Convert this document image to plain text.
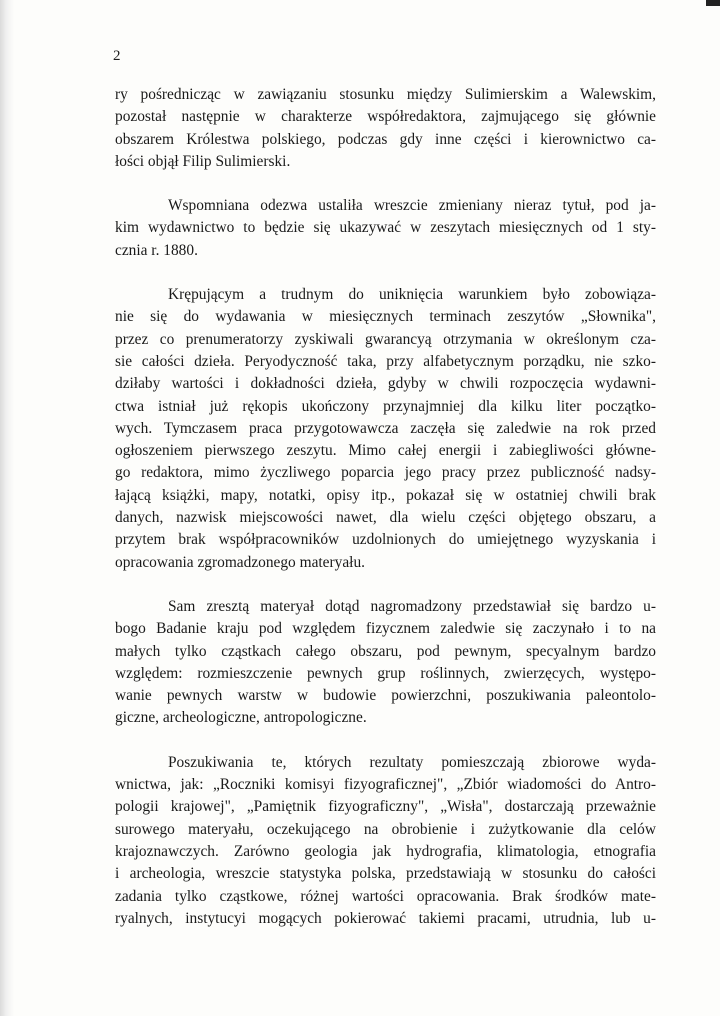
2

ry pośrednicząc w zawiązaniu stosunku między Sulimierskim a Walewskim,
pozostał następnie w charakterze współredaktora, zajmującego się głównie
obszarem Królestwa polskiego, podczas gdy inne części i kierownictwo ca-
łości objął Filip Sulimierski.

Wspomniana odezwa ustaliła wreszcie zmieniany nieraz tytuł, pod ja-
kim wydawnictwo to będzie się ukazywać w zeszytach miesięcznych od 1 sty-
cznia r. 1880.

Krępującym a trudnym do uniknięcia warunkiem było zobowiąza-
nie się do wydawania w miesięcznych terminach zeszytów „Słownika",
przez co prenumeratorzy zyskiwali gwarancyą otrzymania w określonym cza-
sie całości dzieła. Peryodyczność taka, przy alfabetycznym porządku, nie szko-
dziłaby wartości i dokładności dzieła, gdyby w chwili rozpoczęcia wydawni-
ctwa istniał już rękopis ukończony przynajmniej dla kilku liter początko-
wych. Tymczasem praca przygotowawcza zaczęła się zaledwie na rok przed
ogłoszeniem pierwszego zeszytu. Mimo całej energii i zabiegliwości główne-
go redaktora, mimo życzliwego poparcia jego pracy przez publiczność nadsy-
łającą książki, mapy, notatki, opisy itp., pokazał się w ostatniej chwili brak
danych, nazwisk miejscowości nawet, dla wielu części objętego obszaru, a
przytem brak współpracowników uzdolnionych do umiejętnego wyzyskania i
opracowania zgromadzonego materyału.

Sam zresztą materyał dotąd nagromadzony przedstawiał się bardzo u-
bogo Badanie kraju pod względem fizycznem zaledwie się zaczynało i to na
małych tylko cząstkach całego obszaru, pod pewnym, specyalnym bardzo
względem: rozmieszczenie pewnych grup roślinnych, zwierzęcych, występo-
wanie pewnych warstw w budowie powierzchni, poszukiwania paleontolo-
giczne, archeologiczne, antropologiczne.

Poszukiwania te, których rezultaty pomieszczają zbiorowe wyda-
wnictwa, jak: „Roczniki komisyi fizyograficznej", „Zbiór wiadomości do Antro-
pologii krajowej", „Pamiętnik fizyograficzny", „Wisła", dostarczają przeważnie
surowego materyału, oczekującego na obrobienie i zużytkowanie dla celów
krajoznawczych. Zarówno geologia jak hydrografia, klimatologia, etnografia
i archeologia, wreszcie statystyka polska, przedstawiają w stosunku do całości
zadania tylko cząstkowe, różnej wartości opracowania. Brak środków mate-
ryalnych, instytucyi mogących pokierować takiemi pracami, utrudnia, lub u-
